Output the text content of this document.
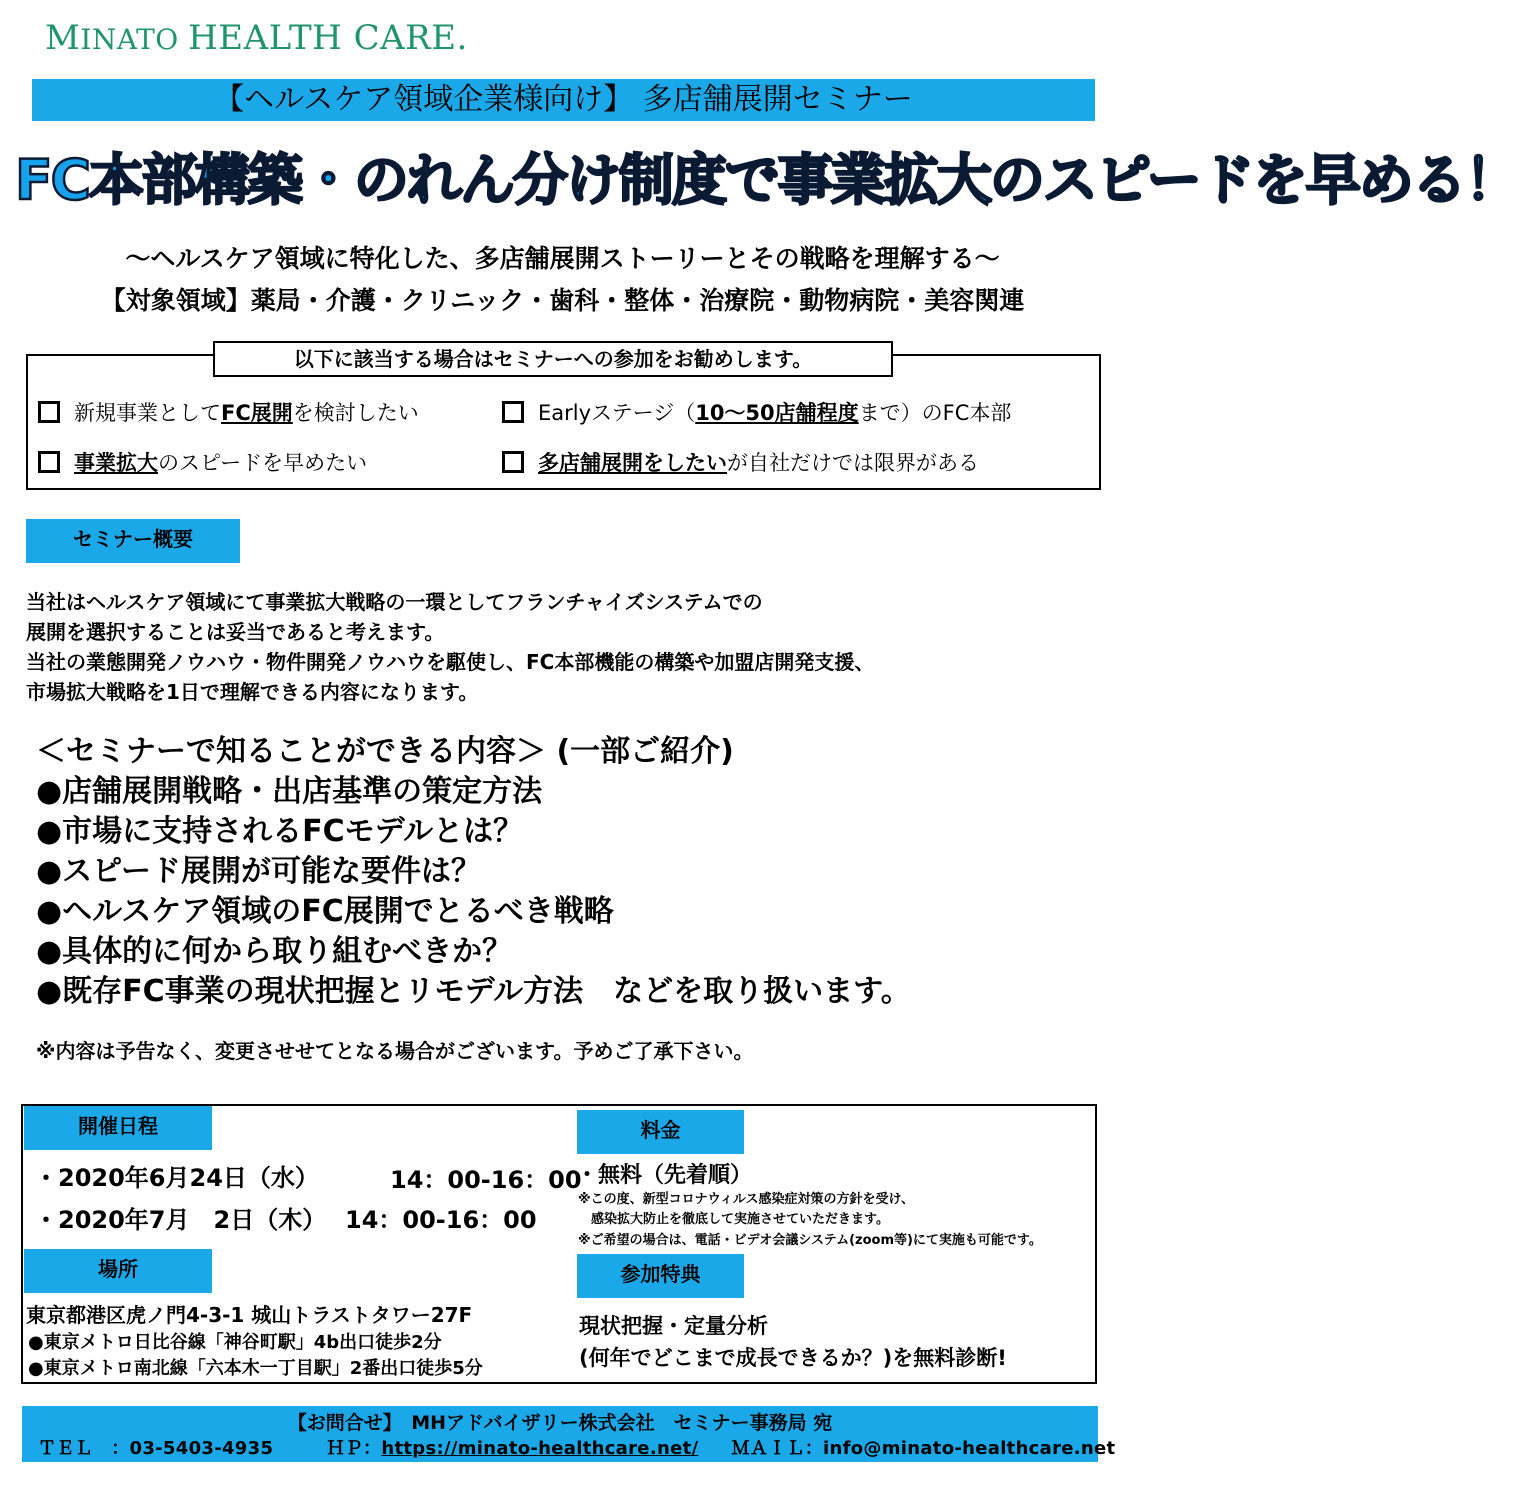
MINATO HEALTH CARE.
【ヘルスケア領域企業様向け】 多店舗展開セミナー
FC本部構築・のれん分け制度で事業拡大のスピードを早める！
～ヘルスケア領域に特化した、多店舗展開ストーリーとその戦略を理解する～
【対象領域】薬局・介護・クリニック・歯科・整体・治療院・動物病院・美容関連
以下に該当する場合はセミナーへの参加をお勧めします。
新規事業として FC展開 を検討したい	Earlyステージ（ 10～50店舗程度 まで）のFC本部
事業拡大 のスピードを早めたい	多店舗展開をしたい が自社だけでは限界がある
セミナー概要
当社はヘルスケア領域にて事業拡大戦略の一環としてフランチャイズシステムでの
展開を選択することは妥当であると考えます。
当社の業態開発ノウハウ・物件開発ノウハウを駆使し、FC本部機能の構築や加盟店開発支援、
市場拡大戦略を1日で理解できる内容になります。
＜セミナーで知ることができる内容＞ (一部ご紹介)
●店舗展開戦略・出店基準の策定方法
●市場に支持されるFCモデルとは？
●スピード展開が可能な要件は？
●ヘルスケア領域のFC展開でとるべき戦略
●具体的に何から取り組むべきか？
●既存FC事業の現状把握とリモデル方法　などを取り扱います。
※内容は予告なく、変更させせてとなる場合がございます。予めご了承下さい。
開催日程
・2020年6月24日（水）	14：00-16：00
・2020年7月　2日（木） 14：00-16：00
料金
・無料（先着順）
※この度、新型コロナウィルス感染症対策の方針を受け、
　感染拡大防止を徹底して実施させていただきます。
※ご希望の場合は、電話・ビデオ会議システム(zoom等)にて実施も可能です。
場所
東京都港区虎ノ門4-3-1 城山トラストタワー27F
●東京メトロ日比谷線「神谷町駅」4b出口徒歩2分
●東京メトロ南北線「六本木一丁目駅」2番出口徒歩5分
参加特典
現状把握・定量分析
(何年でどこまで成長できるか？)を無料診断!
【お問合せ】　MHアドバイザリー株式会社　セミナー事務局 宛
ＴＥＬ　：03-5403-4935	ＨＰ：https://minato-healthcare.net/ ＭＡＩＬ：info@minato-healthcare.net
